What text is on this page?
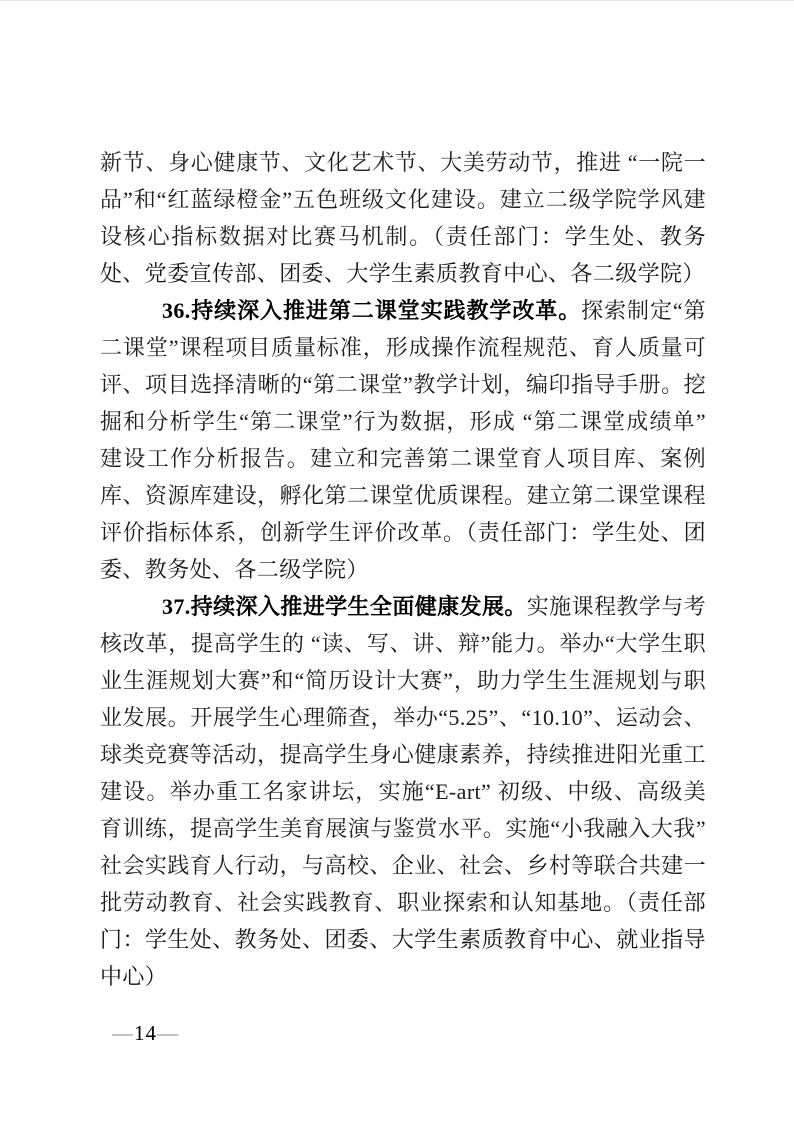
新节、身心健康节、文化艺术节、大美劳动节，推进 “一院一品”和“红蓝绿橙金”五色班级文化建设。建立二级学院学风建设核心指标数据对比赛马机制。（责任部门：学生处、教务处、党委宣传部、团委、大学生素质教育中心、各二级学院）

36.持续深入推进第二课堂实践教学改革。探索制定“第二课堂”课程项目质量标准，形成操作流程规范、育人质量可评、项目选择清晰的“第二课堂”教学计划，编印指导手册。挖掘和分析学生“第二课堂”行为数据，形成 “第二课堂成绩单”建设工作分析报告。建立和完善第二课堂育人项目库、案例库、资源库建设，孵化第二课堂优质课程。建立第二课堂课程评价指标体系，创新学生评价改革。（责任部门：学生处、团委、教务处、各二级学院）

37.持续深入推进学生全面健康发展。实施课程教学与考核改革，提高学生的 “读、写、讲、辩”能力。举办“大学生职业生涯规划大赛”和“简历设计大赛”，助力学生生涯规划与职业发展。开展学生心理筛查，举办“5.25”、“10.10”、运动会、球类竞赛等活动，提高学生身心健康素养，持续推进阳光重工建设。举办重工名家讲坛，实施“E-art” 初级、中级、高级美育训练，提高学生美育展演与鉴赏水平。实施“小我融入大我”社会实践育人行动，与高校、企业、社会、乡村等联合共建一批劳动教育、社会实践教育、职业探索和认知基地。（责任部门：学生处、教务处、团委、大学生素质教育中心、就业指导中心）

—14—
